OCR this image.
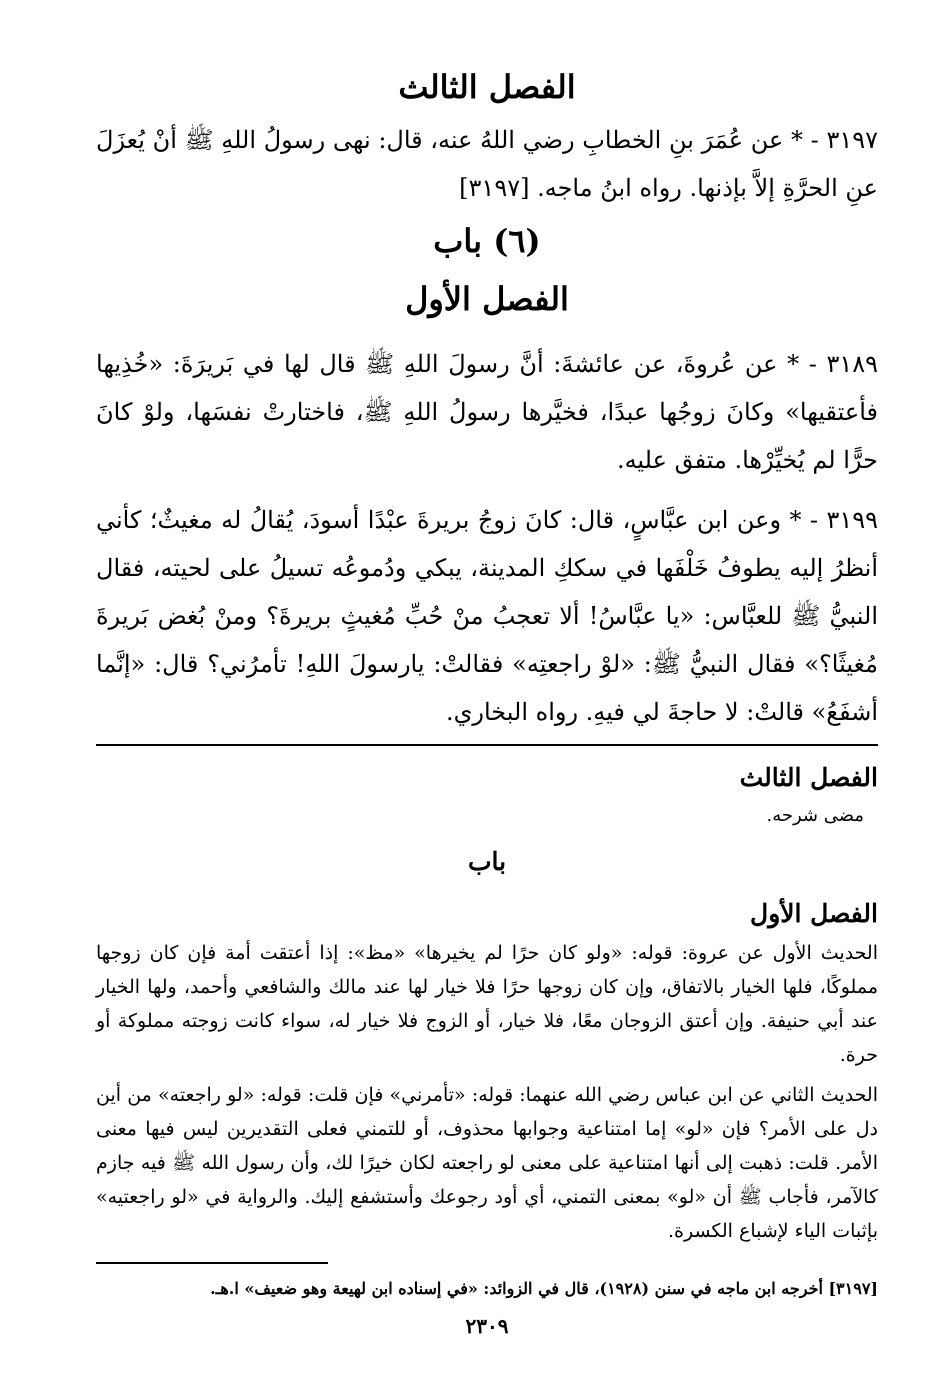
الفصل الثالث

٣١٩٧ - * عن عُمَرَ بنِ الخطابِ رضي اللهُ عنه، قال: نهى رسولُ اللهِ ﷺ أنْ يُعزَلَ عنِ الحرَّةِ إلاَّ بإذنها. رواه ابنُ ماجه. [٣١٩٧]

(٦) باب

الفصل الأول

٣١٨٩ - * عن عُروةَ، عن عائشةَ: أنَّ رسولَ اللهِ ﷺ قال لها في بَريرَةَ: «خُذِيها فأعتقيها» وكانَ زوجُها عبدًا، فخيَّرها رسولُ اللهِ ﷺ، فاختارتْ نفسَها، ولوْ كانَ حرًّا لم يُخيِّرْها. متفق عليه.

٣١٩٩ - * وعن ابن عبَّاسٍ، قال: كانَ زوجُ بريرةَ عبْدًا أسودَ، يُقالُ له مغيثٌ؛ كأني أنظرُ إليه يطوفُ خَلْفَها في سككِ المدينة، يبكي ودُموعُه تسيلُ على لحيته، فقال النبيُّ ﷺ للعبَّاس: «يا عبَّاسُ! ألا تعجبُ منْ حُبِّ مُغيثٍ بريرةَ؟ ومنْ بُغض بَريرةَ مُغيثًا؟» فقال النبيُّ ﷺ: «لوْ راجعتِه» فقالتْ: يارسولَ اللهِ! تأمرُني؟ قال: «إنَّما أشفَعُ» قالتْ: لا حاجةَ لي فيهِ. رواه البخاري.

الفصل الثالث

مضى شرحه.

باب

الفصل الأول

الحديث الأول عن عروة: قوله: «ولو كان حرًا لم يخيرها» «مظ»: إذا أعتقت أمة فإن كان زوجها مملوكًا، فلها الخيار بالاتفاق، وإن كان زوجها حرًا فلا خيار لها عند مالك والشافعي وأحمد، ولها الخيار عند أبي حنيفة. وإن أعتق الزوجان معًا، فلا خيار، أو الزوج فلا خيار له، سواء كانت زوجته مملوكة أو حرة.

الحديث الثاني عن ابن عباس رضي الله عنهما: قوله: «تأمرني» فإن قلت: قوله: «لو راجعته» من أين دل على الأمر؟ فإن «لو» إما امتناعية وجوابها محذوف، أو للتمني فعلى التقديرين ليس فيها معنى الأمر. قلت: ذهبت إلى أنها امتناعية على معنى لو راجعته لكان خيرًا لك، وأن رسول الله ﷺ فيه جازم كالآمر، فأجاب ﷺ أن «لو» بمعنى التمني، أي أود رجوعك وأستشفع إليك. والرواية في «لو راجعتيه» بإثبات الياء لإشباع الكسرة.

[٣١٩٧] أخرجه ابن ماجه في سنن (١٩٢٨)، قال في الزوائد: «في إسناده ابن لهيعة وهو ضعيف» ا.هـ.

٢٣٠٩
